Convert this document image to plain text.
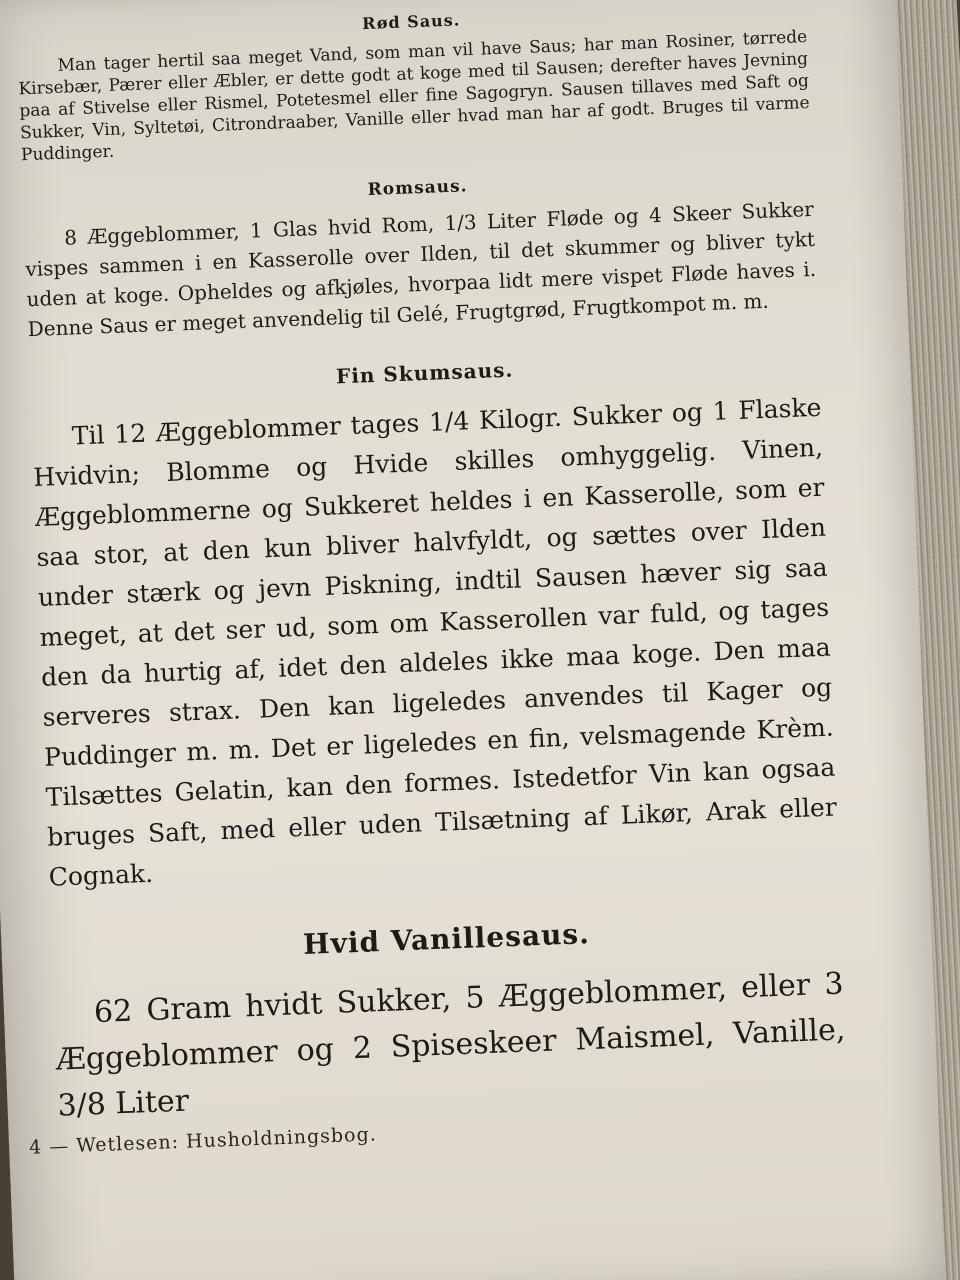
Rød Saus.

Man tager hertil saa meget Vand, som man vil have Saus; har man Rosiner, tørrede Kirsebær, Pærer eller Æbler, er dette godt at koge med til Sausen; derefter haves Jevning paa af Stivelse eller Rismel, Potetesmel eller fine Sagogryn. Sausen tillaves med Saft og Sukker, Vin, Syltetøi, Citrondraaber, Vanille eller hvad man har af godt. Bruges til varme Puddinger.

Romsaus.

8 Æggeblommer, 1 Glas hvid Rom, 1/3 Liter Fløde og 4 Skeer Sukker vispes sammen i en Kasserolle over Ilden, til det skummer og bliver tykt uden at koge. Opheldes og afkjøles, hvorpaa lidt mere vispet Fløde haves i. Denne Saus er meget anvendelig til Gelé, Frugtgrød, Frugtkompot m. m.

Fin Skumsaus.

Til 12 Æggeblommer tages 1/4 Kilogr. Sukker og 1 Flaske Hvidvin; Blomme og Hvide skilles omhyggelig. Vinen, Æggeblommerne og Sukkeret heldes i en Kasserolle, som er saa stor, at den kun bliver halvfyldt, og sættes over Ilden under stærk og jevn Piskning, indtil Sausen hæver sig saa meget, at det ser ud, som om Kasserollen var fuld, og tages den da hurtig af, idet den aldeles ikke maa koge. Den maa serveres strax. Den kan ligeledes anvendes til Kager og Puddinger m. m. Det er ligeledes en fin, velsmagende Krèm. Tilsættes Gelatin, kan den formes. Istedetfor Vin kan ogsaa bruges Saft, med eller uden Tilsætning af Likør, Arak eller Cognak.

Hvid Vanillesaus.

62 Gram hvidt Sukker, 5 Æggeblommer, eller 3 Æggeblommer og 2 Spiseskeer Maismel, Vanille, 3/8 Liter

4 — Wetlesen: Husholdningsbog.
